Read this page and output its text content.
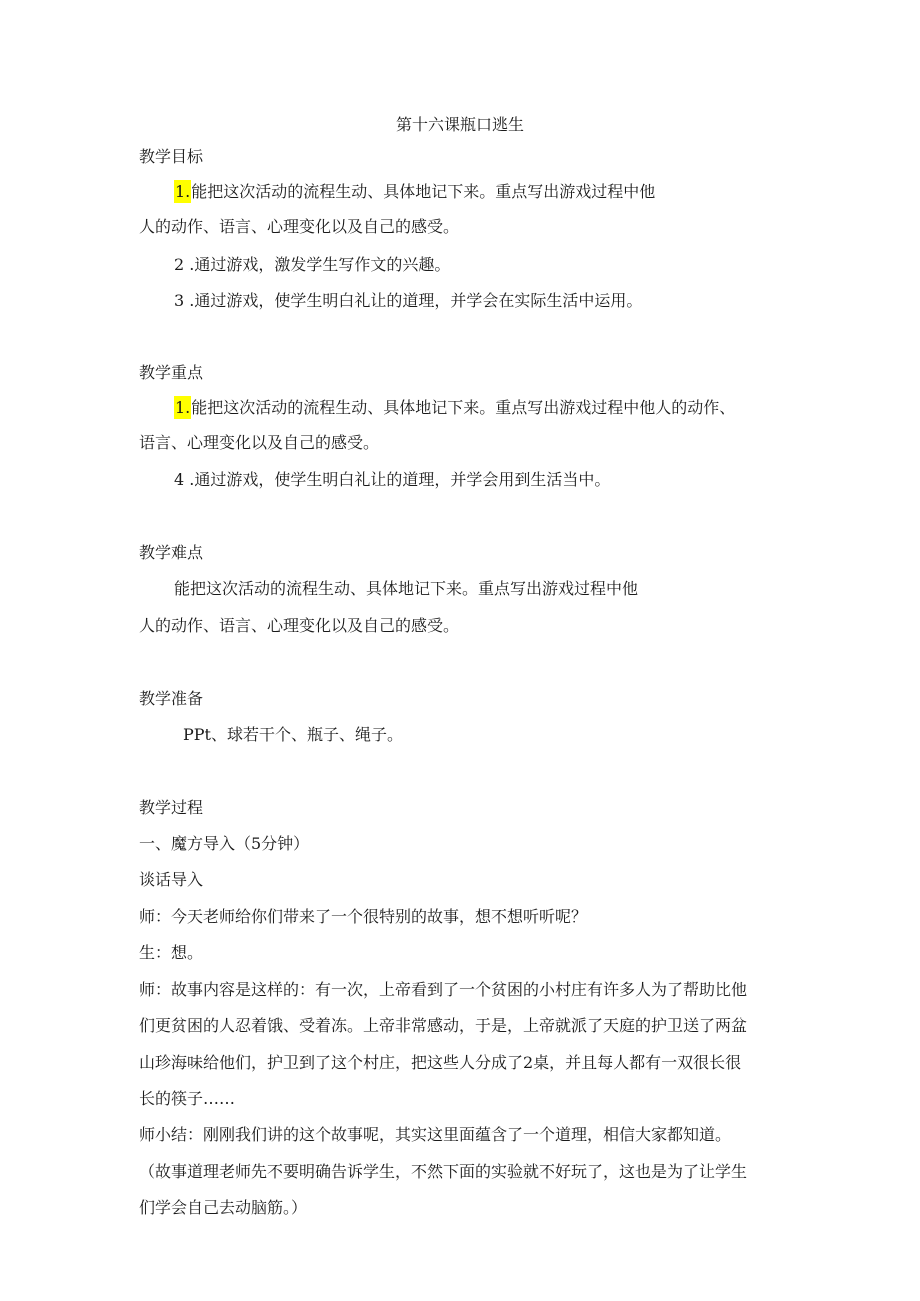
第十六课瓶口逃生
教学目标
1.能把这次活动的流程生动、具体地记下来。重点写出游戏过程中他
人的动作、语言、心理变化以及自己的感受。
2 .通过游戏，激发学生写作文的兴趣。
3 .通过游戏，使学生明白礼让的道理，并学会在实际生活中运用。
教学重点
1.能把这次活动的流程生动、具体地记下来。重点写出游戏过程中他人的动作、
语言、心理变化以及自己的感受。
4 .通过游戏，使学生明白礼让的道理，并学会用到生活当中。
教学难点
能把这次活动的流程生动、具体地记下来。重点写出游戏过程中他
人的动作、语言、心理变化以及自己的感受。
教学准备
PPt、球若干个、瓶子、绳子。
教学过程
一、魔方导入（5分钟）
谈话导入
师：今天老师给你们带来了一个很特别的故事，想不想听听呢？
生：想。
师：故事内容是这样的：有一次，上帝看到了一个贫困的小村庄有许多人为了帮助比他
们更贫困的人忍着饿、受着冻。上帝非常感动，于是，上帝就派了天庭的护卫送了两盆
山珍海味给他们，护卫到了这个村庄，把这些人分成了2桌，并且每人都有一双很长很
长的筷子……
师小结：刚刚我们讲的这个故事呢，其实这里面蕴含了一个道理，相信大家都知道。
（故事道理老师先不要明确告诉学生，不然下面的实验就不好玩了，这也是为了让学生
们学会自己去动脑筋。）
